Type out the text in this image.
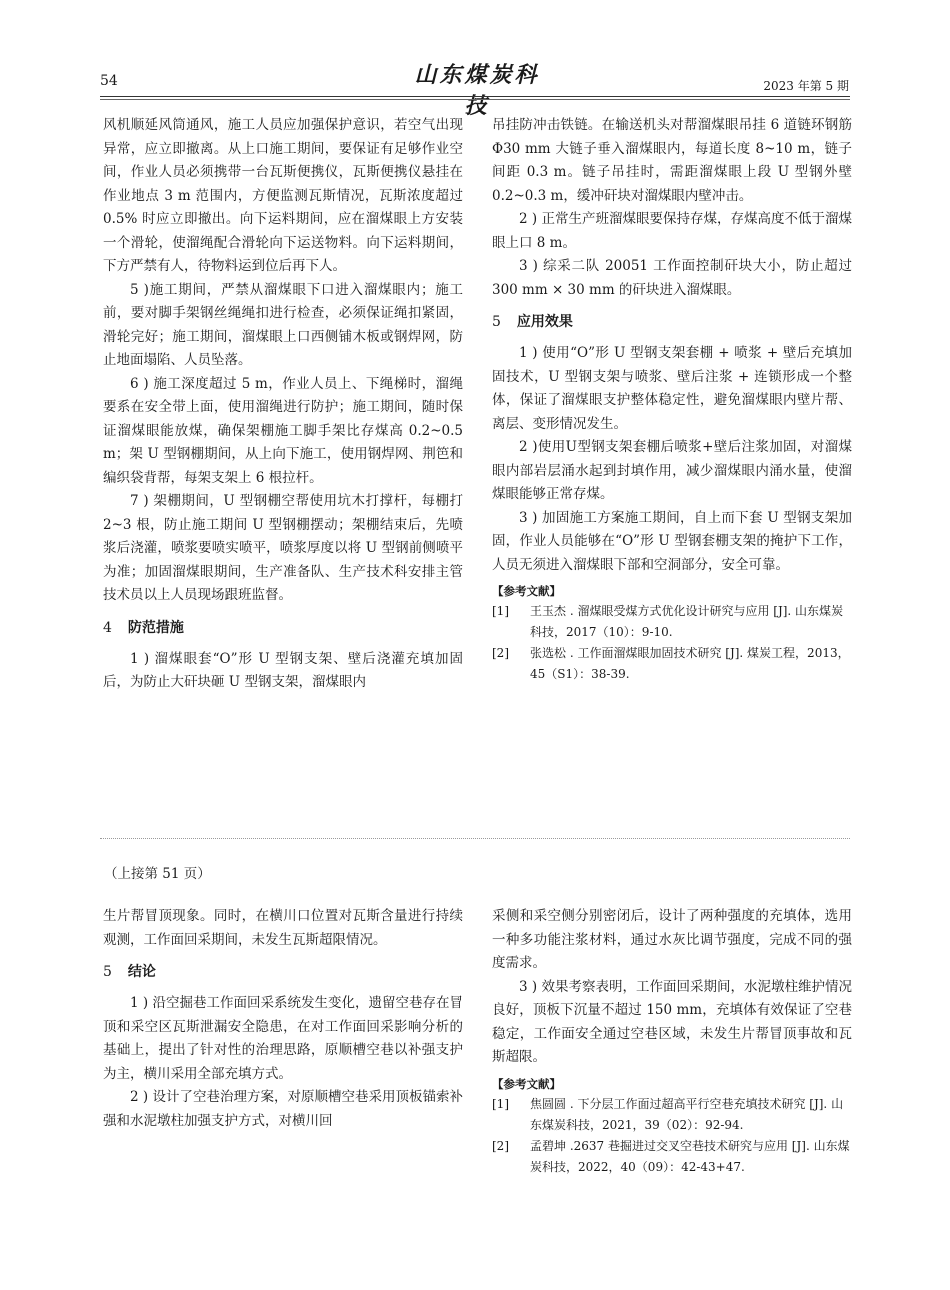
54	山东煤炭科技
2023 年第 5 期

风机顺延风筒通风，施工人员应加强保护意识，若空气出现异常，应立即撤离。从上口施工期间，要保证有足够作业空间，作业人员必须携带一台瓦斯便携仪，瓦斯便携仪悬挂在作业地点 3 m 范围内，方便监测瓦斯情况，瓦斯浓度超过 0.5% 时应立即撤出。向下运料期间，应在溜煤眼上方安装一个滑轮，使溜绳配合滑轮向下运送物料。向下运料期间，下方严禁有人，待物料运到位后再下人。

5 )施工期间，严禁从溜煤眼下口进入溜煤眼内；施工前，要对脚手架钢丝绳绳扣进行检查，必须保证绳扣紧固，滑轮完好；施工期间，溜煤眼上口西侧铺木板或钢焊网，防止地面塌陷、人员坠落。

6 ) 施工深度超过 5 m，作业人员上、下绳梯时，溜绳要系在安全带上面，使用溜绳进行防护；施工期间，随时保证溜煤眼能放煤，确保架棚施工脚手架比存煤高 0.2~0.5 m；架 U 型钢棚期间，从上向下施工，使用钢焊网、荆笆和编织袋背帮，每架支架上 6 根拉杆。

7 ) 架棚期间，U 型钢棚空帮使用坑木打撑杆，每棚打 2~3 根，防止施工期间 U 型钢棚摆动；架棚结束后，先喷浆后浇灌，喷浆要喷实喷平，喷浆厚度以将 U 型钢前侧喷平为准；加固溜煤眼期间，生产准备队、生产技术科安排主管技术员以上人员现场跟班监督。

4 防范措施

1 ) 溜煤眼套“O”形 U 型钢支架、壁后浇灌充填加固后，为防止大矸块砸 U 型钢支架，溜煤眼内

吊挂防冲击铁链。在输送机头对帮溜煤眼吊挂 6 道链环钢筋 Φ30 mm 大链子垂入溜煤眼内，每道长度 8~10 m，链子间距 0.3 m。链子吊挂时，需距溜煤眼上段 U 型钢外壁 0.2~0.3 m，缓冲矸块对溜煤眼内壁冲击。

2 ) 正常生产班溜煤眼要保持存煤，存煤高度不低于溜煤眼上口 8 m。

3 ) 综采二队 20051 工作面控制矸块大小，防止超过 300 mm × 30 mm 的矸块进入溜煤眼。

5 应用效果

1 ) 使用“O”形 U 型钢支架套棚 + 喷浆 + 壁后充填加固技术，U 型钢支架与喷浆、壁后注浆 + 连锁形成一个整体，保证了溜煤眼支护整体稳定性，避免溜煤眼内壁片帮、离层、变形情况发生。

2 )使用U型钢支架套棚后喷浆+壁后注浆加固，对溜煤眼内部岩层涌水起到封填作用，减少溜煤眼内涌水量，使溜煤眼能够正常存煤。

3 ) 加固施工方案施工期间，自上而下套 U 型钢支架加固，作业人员能够在“O”形 U 型钢套棚支架的掩护下工作，人员无须进入溜煤眼下部和空洞部分，安全可靠。

【参考文献】
[1] 王玉杰 . 溜煤眼受煤方式优化设计研究与应用 [J]. 山东煤炭科技，2017（10）：9-10.
[2] 张选松 . 工作面溜煤眼加固技术研究 [J]. 煤炭工程，2013，45（S1）：38-39.
（上接第 51 页）

生片帮冒顶现象。同时，在横川口位置对瓦斯含量进行持续观测，工作面回采期间，未发生瓦斯超限情况。

5 结论

1 ) 沿空掘巷工作面回采系统发生变化，遗留空巷存在冒顶和采空区瓦斯泄漏安全隐患，在对工作面回采影响分析的基础上，提出了针对性的治理思路，原顺槽空巷以补强支护为主，横川采用全部充填方式。

2 ) 设计了空巷治理方案，对原顺槽空巷采用顶板锚索补强和水泥墩柱加强支护方式，对横川回

采侧和采空侧分别密闭后，设计了两种强度的充填体，选用一种多功能注浆材料，通过水灰比调节强度，完成不同的强度需求。

3 ) 效果考察表明，工作面回采期间，水泥墩柱维护情况良好，顶板下沉量不超过 150 mm，充填体有效保证了空巷稳定，工作面安全通过空巷区域，未发生片帮冒顶事故和瓦斯超限。

【参考文献】
[1] 焦圆圆 . 下分层工作面过超高平行空巷充填技术研究 [J]. 山东煤炭科技，2021，39（02）：92-94.
[2] 孟碧坤 .2637 巷掘进过交叉空巷技术研究与应用 [J]. 山东煤炭科技，2022，40（09）：42-43+47.
